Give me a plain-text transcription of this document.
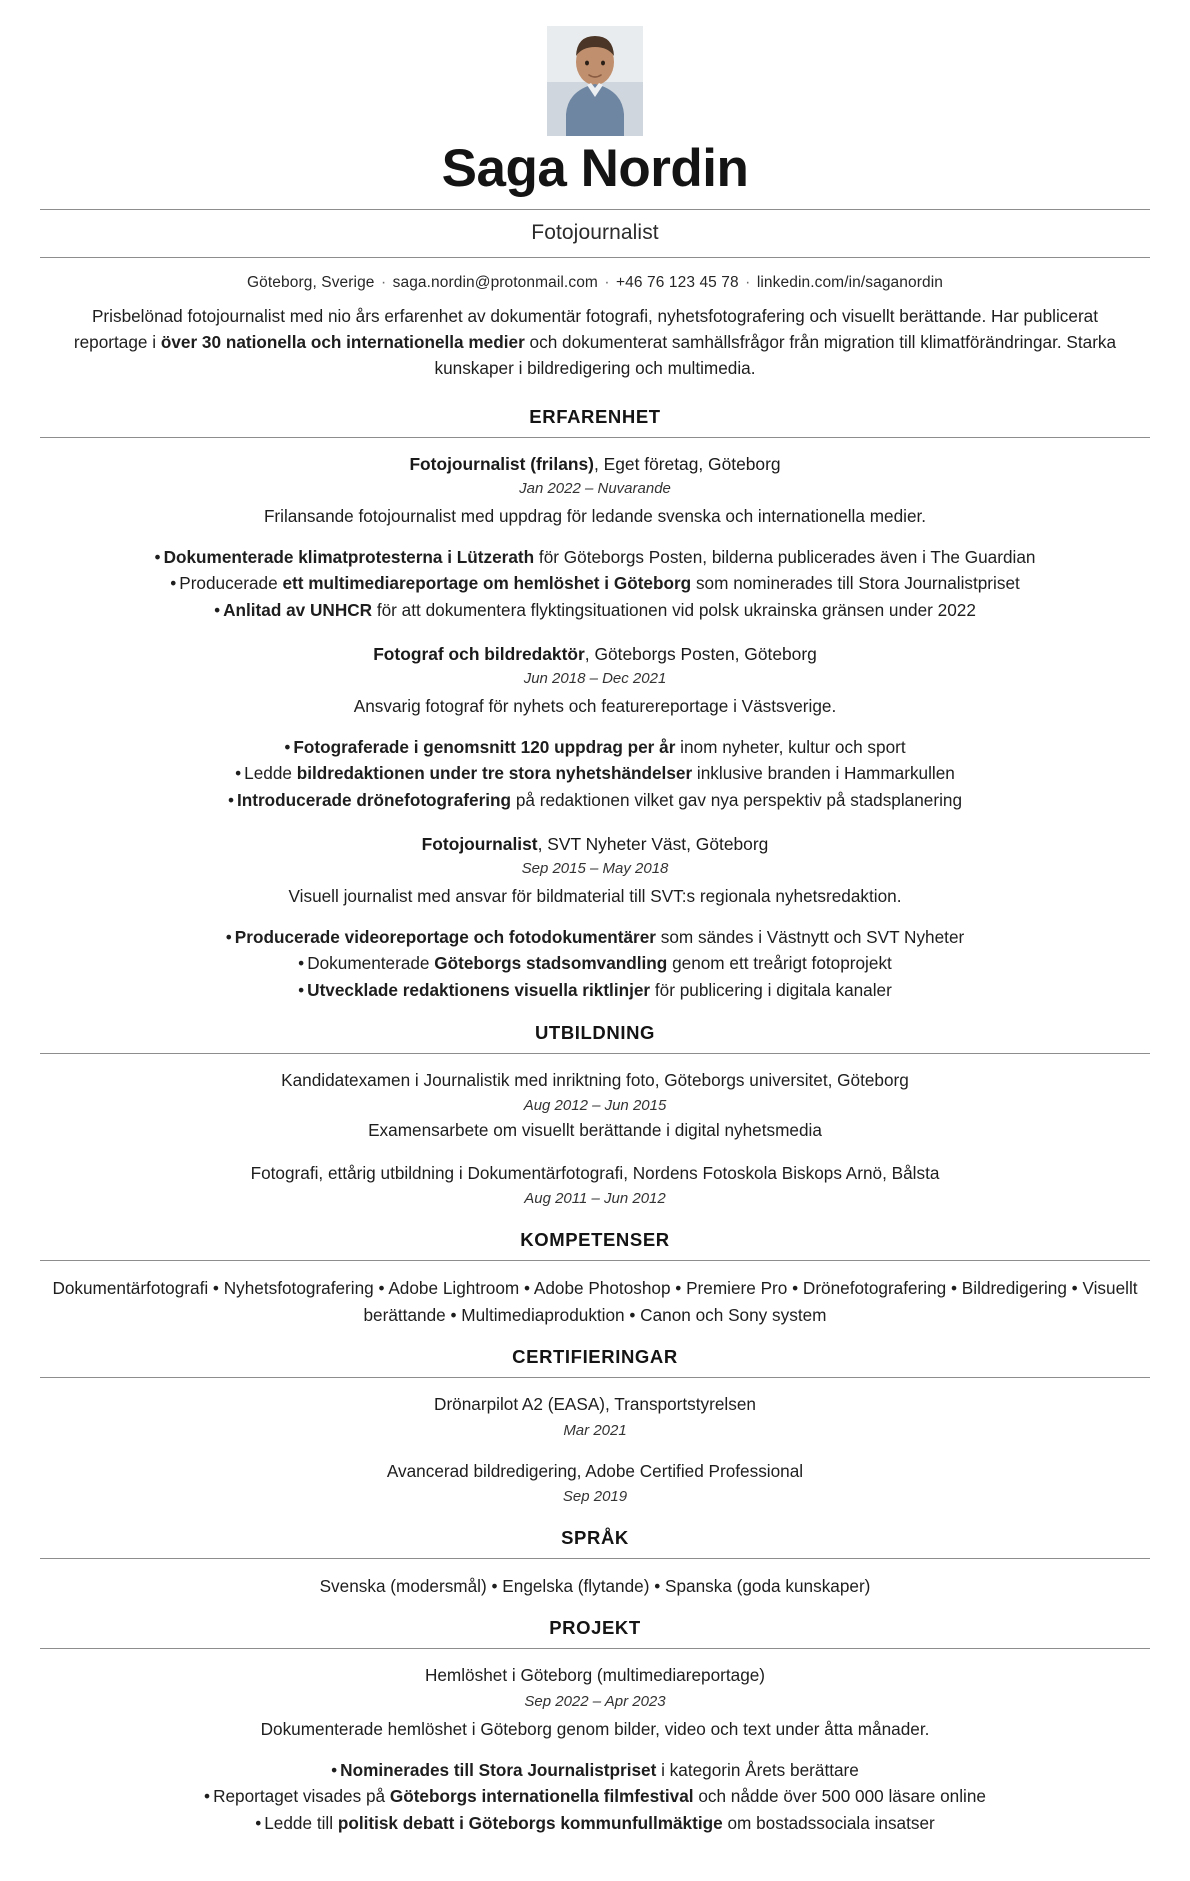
Saga Nordin
Fotojournalist
Göteborg, Sverige · saga.nordin@protonmail.com · +46 76 123 45 78 · linkedin.com/in/saganordin
Prisbelönad fotojournalist med nio års erfarenhet av dokumentär fotografi, nyhetsfotografering och visuellt berättande. Har publicerat reportage i över 30 nationella och internationella medier och dokumenterat samhällsfrågor från migration till klimatförändringar. Starka kunskaper i bildredigering och multimedia.
ERFARENHET
Fotojournalist (frilans), Eget företag, Göteborg
Jan 2022 – Nuvarande
Frilansande fotojournalist med uppdrag för ledande svenska och internationella medier.
• Dokumenterade klimatprotesterna i Lützerath för Göteborgs Posten, bilderna publicerades även i The Guardian
• Producerade ett multimediareportage om hemlöshet i Göteborg som nominerades till Stora Journalistpriset
• Anlitad av UNHCR för att dokumentera flyktingsituationen vid polsk ukrainska gränsen under 2022
Fotograf och bildredaktör, Göteborgs Posten, Göteborg
Jun 2018 – Dec 2021
Ansvarig fotograf för nyhets och featurereportage i Västsverige.
• Fotograferade i genomsnitt 120 uppdrag per år inom nyheter, kultur och sport
• Ledde bildredaktionen under tre stora nyhetshändelser inklusive branden i Hammarkullen
• Introducerade drönefotografering på redaktionen vilket gav nya perspektiv på stadsplanering
Fotojournalist, SVT Nyheter Väst, Göteborg
Sep 2015 – May 2018
Visuell journalist med ansvar för bildmaterial till SVT:s regionala nyhetsredaktion.
• Producerade videoreportage och fotodokumentärer som sändes i Västnytt och SVT Nyheter
• Dokumenterade Göteborgs stadsomvandling genom ett treårigt fotoprojekt
• Utvecklade redaktionens visuella riktlinjer för publicering i digitala kanaler
UTBILDNING
Kandidatexamen i Journalistik med inriktning foto, Göteborgs universitet, Göteborg
Aug 2012 – Jun 2015
Examensarbete om visuellt berättande i digital nyhetsmedia
Fotografi, ettårig utbildning i Dokumentärfotografi, Nordens Fotoskola Biskops Arnö, Bålsta
Aug 2011 – Jun 2012
KOMPETENSER
Dokumentärfotografi • Nyhetsfotografering • Adobe Lightroom • Adobe Photoshop • Premiere Pro • Drönefotografering • Bildredigering • Visuellt berättande • Multimediaproduktion • Canon och Sony system
CERTIFIERINGAR
Drönarpilot A2 (EASA), Transportstyrelsen
Mar 2021
Avancerad bildredigering, Adobe Certified Professional
Sep 2019
SPRÅK
Svenska (modersmål) • Engelska (flytande) • Spanska (goda kunskaper)
PROJEKT
Hemlöshet i Göteborg (multimediareportage)
Sep 2022 – Apr 2023
Dokumenterade hemlöshet i Göteborg genom bilder, video och text under åtta månader.
• Nominerades till Stora Journalistpriset i kategorin Årets berättare
• Reportaget visades på Göteborgs internationella filmfestival och nådde över 500 000 läsare online
• Ledde till politisk debatt i Göteborgs kommunfullmäktige om bostadssociala insatser
